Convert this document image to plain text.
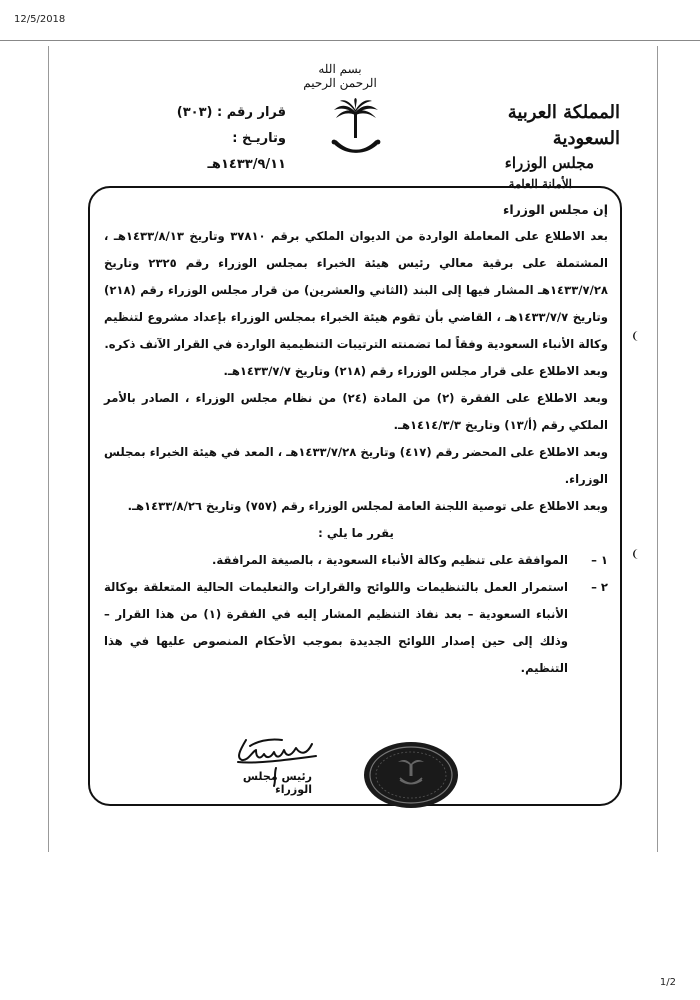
12/5/2018
بسم الله الرحمن الرحيم
قرار رقم : (٣٠٣)
وتاريـخ : ١٤٣٣/٩/١١هـ
المملكة العربية السعودية
مجلس الوزراء
الأمانة العامة

إن مجلس الوزراء

بعد الاطلاع على المعاملة الواردة من الديوان الملكي برقم ٣٧٨١٠ وتاريخ ١٤٣٣/٨/١٣هـ ، المشتملة على برقية معالي رئيس هيئة الخبراء بمجلس الوزراء رقم ٢٣٢٥ وتاريخ ١٤٣٣/٧/٢٨هـ المشار فيها إلى البند (الثاني والعشرين) من قرار مجلس الوزراء رقم (٢١٨) وتاريخ ١٤٣٣/٧/٧هـ ، القاضي بأن تقوم هيئة الخبراء بمجلس الوزراء بإعداد مشروع لتنظيم وكالة الأنباء السعودية وفقاً لما تضمنته الترتيبات التنظيمية الواردة في القرار الآنف ذكره.

وبعد الاطلاع على قرار مجلس الوزراء رقم (٢١٨) وتاريخ ١٤٣٣/٧/٧هـ.

وبعد الاطلاع على الفقرة (٢) من المادة (٢٤) من نظام مجلس الوزراء ، الصادر بالأمر الملكي رقم (أ/١٣) وتاريخ ١٤١٤/٣/٣هـ.

وبعد الاطلاع على المحضر رقم (٤١٧) وتاريخ ١٤٣٣/٧/٢٨هـ ، المعد في هيئة الخبراء بمجلس الوزراء.

وبعد الاطلاع على توصية اللجنة العامة لمجلس الوزراء رقم (٧٥٧) وتاريخ ١٤٣٣/٨/٢٦هـ.

يقرر ما يلي :

١ –
الموافقة على تنظيم وكالة الأنباء السعودية ، بالصيغة المرافقة.
٢ –
استمرار العمل بالتنظيمات واللوائح والقرارات والتعليمات الحالية المتعلقة بوكالة الأنباء السعودية – بعد نفاذ التنظيم المشار إليه في الفقرة (١) من هذا القرار – وذلك إلى حين إصدار اللوائح الجديدة بموجب الأحكام المنصوص عليها في هذا التنظيم.
رئيس مجلس الوزراء
1/2
